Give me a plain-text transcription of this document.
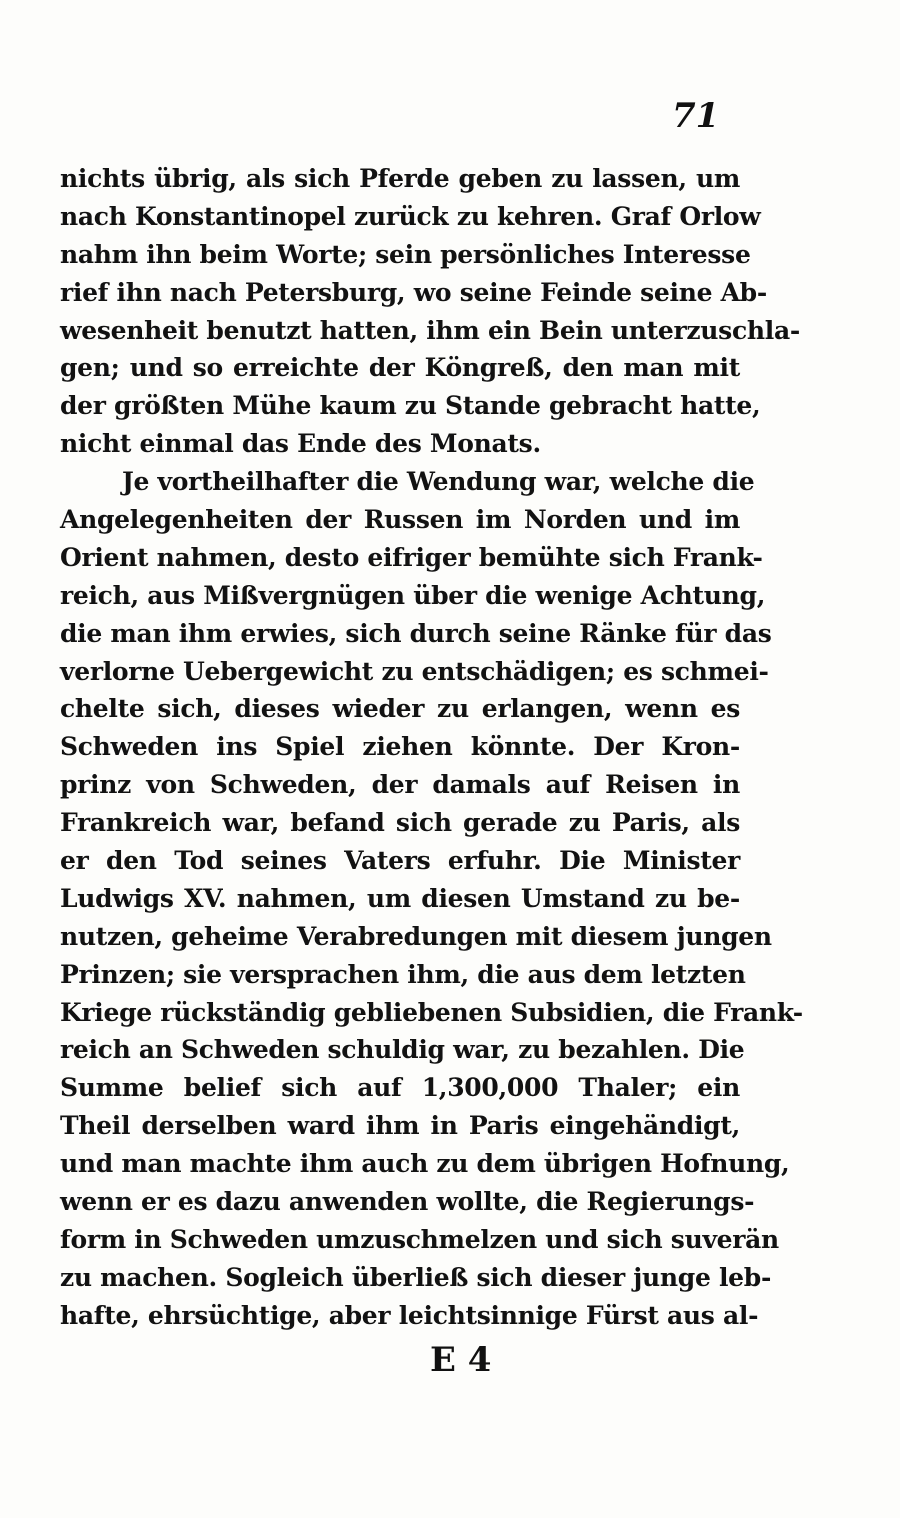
71
nichts übrig, als sich Pferde geben zu lassen, um
nach Konstantinopel zurück zu kehren. Graf Orlow
nahm ihn beim Worte; sein persönliches Interesse
rief ihn nach Petersburg, wo seine Feinde seine Ab-
wesenheit benutzt hatten, ihm ein Bein unterzuschla-
gen; und so erreichte der Köngreß, den man mit
der größten Mühe kaum zu Stande gebracht hatte,
nicht einmal das Ende des Monats.
Je vortheilhafter die Wendung war, welche die
Angelegenheiten der Russen im Norden und im
Orient nahmen, desto eifriger bemühte sich Frank-
reich, aus Mißvergnügen über die wenige Achtung,
die man ihm erwies, sich durch seine Ränke für das
verlorne Uebergewicht zu entschädigen; es schmei-
chelte sich, dieses wieder zu erlangen, wenn es
Schweden ins Spiel ziehen könnte. Der Kron-
prinz von Schweden, der damals auf Reisen in
Frankreich war, befand sich gerade zu Paris, als
er den Tod seines Vaters erfuhr. Die Minister
Ludwigs XV. nahmen, um diesen Umstand zu be-
nutzen, geheime Verabredungen mit diesem jungen
Prinzen; sie versprachen ihm, die aus dem letzten
Kriege rückständig gebliebenen Subsidien, die Frank-
reich an Schweden schuldig war, zu bezahlen. Die
Summe belief sich auf 1,300,000 Thaler; ein
Theil derselben ward ihm in Paris eingehändigt,
und man machte ihm auch zu dem übrigen Hofnung,
wenn er es dazu anwenden wollte, die Regierungs-
form in Schweden umzuschmelzen und sich suverän
zu machen. Sogleich überließ sich dieser junge leb-
hafte, ehrsüchtige, aber leichtsinnige Fürst aus al-
E 4
